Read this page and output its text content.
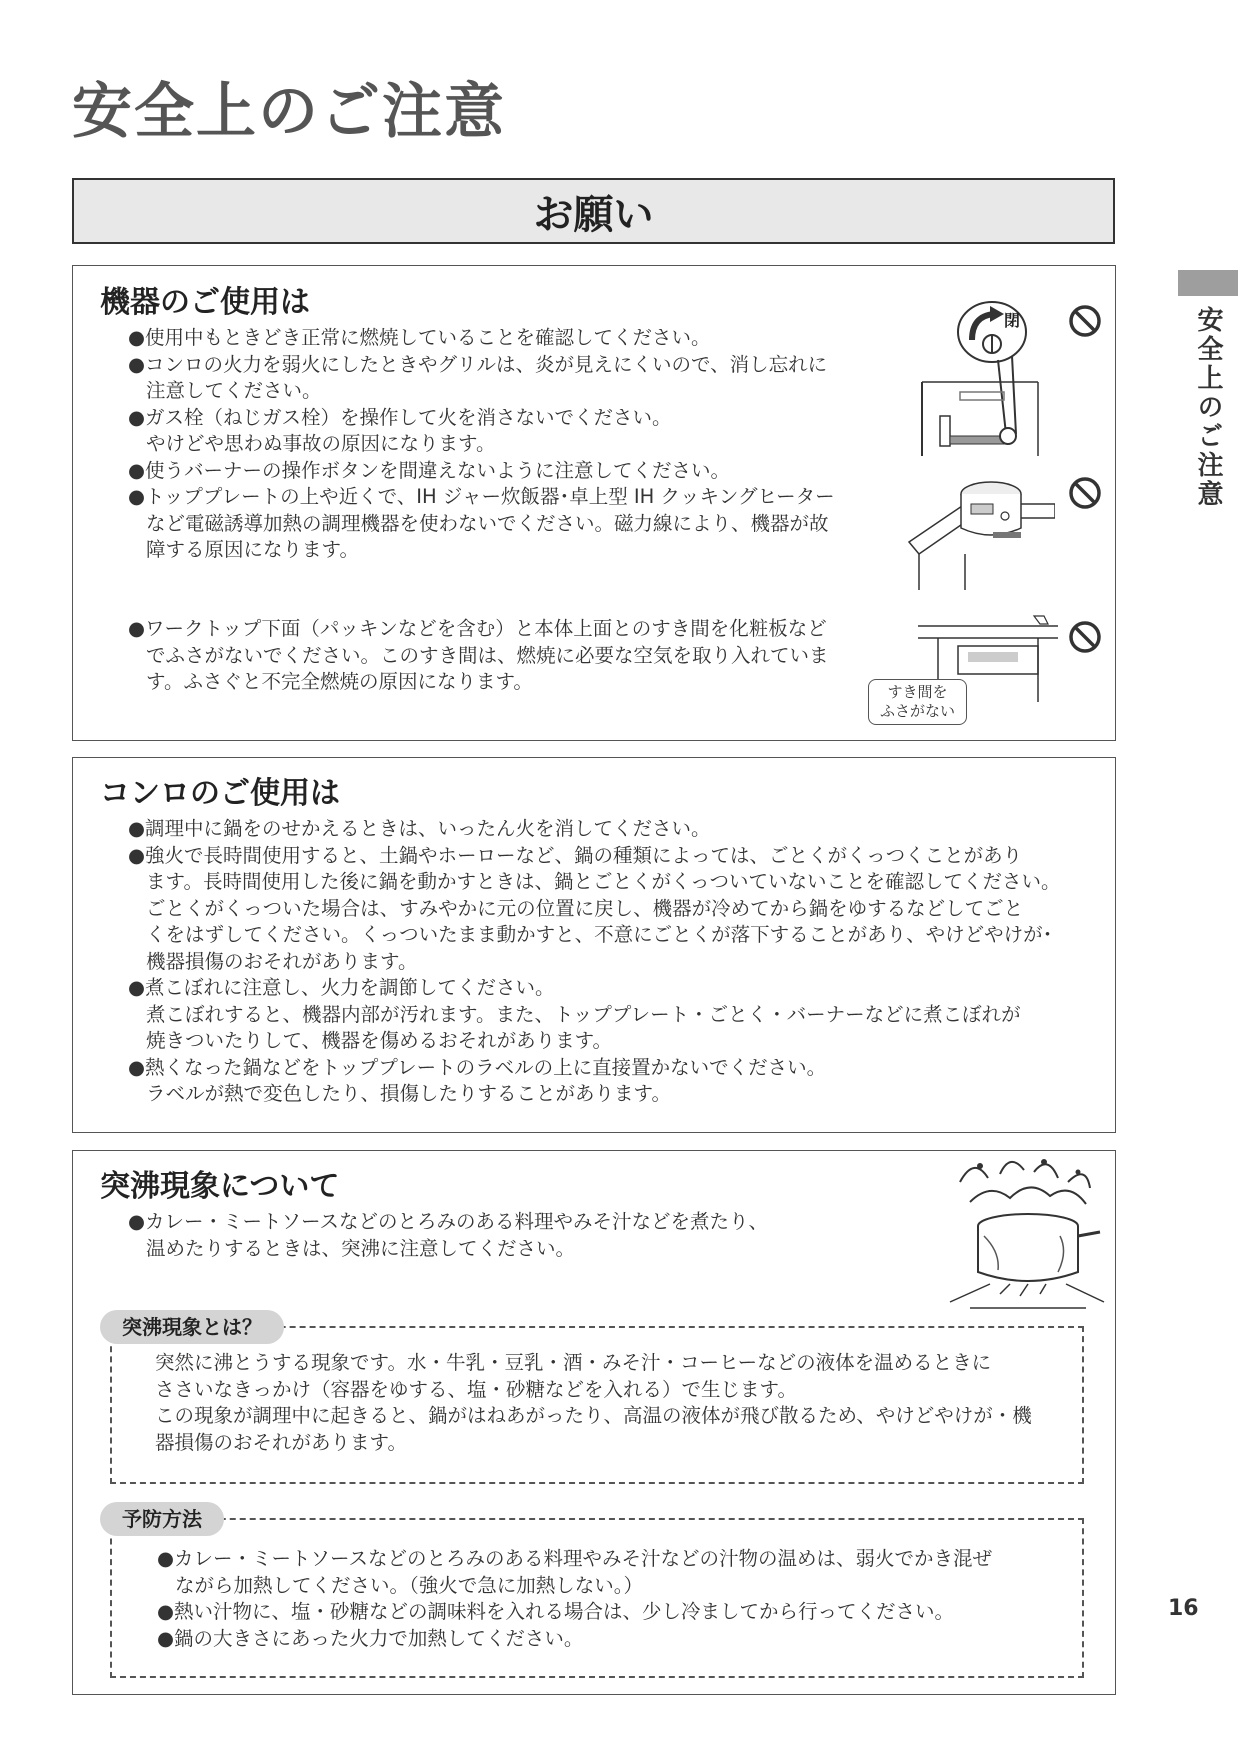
安全上のご注意
お願い
安全上のご注意
機器のご使用は
●使用中もときどき正常に燃焼していることを確認してください。
●コンロの火力を弱火にしたときやグリルは、炎が見えにくいので、消し忘れに
注意してください。
●ガス栓（ねじガス栓）を操作して火を消さないでください。
やけどや思わぬ事故の原因になります。
●使うバーナーの操作ボタンを間違えないように注意してください。
●トッププレートの上や近くで、IH ジャー炊飯器･卓上型 IH クッキングヒーター
など電磁誘導加熱の調理機器を使わないでください。磁力線により、機器が故
障する原因になります。
●ワークトップ下面（パッキンなどを含む）と本体上面とのすき間を化粧板など
でふさがないでください。このすき間は、燃焼に必要な空気を取り入れていま
す。ふさぐと不完全燃焼の原因になります。
閉
すき間を
ふさがない
コンロのご使用は
●調理中に鍋をのせかえるときは、いったん火を消してください。
●強火で長時間使用すると、土鍋やホーローなど、鍋の種類によっては、ごとくがくっつくことがあり
ます。長時間使用した後に鍋を動かすときは、鍋とごとくがくっついていないことを確認してください。
ごとくがくっついた場合は、すみやかに元の位置に戻し、機器が冷めてから鍋をゆするなどしてごと
くをはずしてください。くっついたまま動かすと、不意にごとくが落下することがあり、やけどやけが･
機器損傷のおそれがあります。
●煮こぼれに注意し、火力を調節してください。
煮こぼれすると、機器内部が汚れます。また、トッププレート・ごとく・バーナーなどに煮こぼれが
焼きついたりして、機器を傷めるおそれがあります。
●熱くなった鍋などをトッププレートのラベルの上に直接置かないでください。
ラベルが熱で変色したり、損傷したりすることがあります。
突沸現象について
●カレー・ミートソースなどのとろみのある料理やみそ汁などを煮たり、
温めたりするときは、突沸に注意してください。
突沸現象とは？
突然に沸とうする現象です。水・牛乳・豆乳・酒・みそ汁・コーヒーなどの液体を温めるときに
ささいなきっかけ（容器をゆする、塩・砂糖などを入れる）で生じます。
この現象が調理中に起きると、鍋がはねあがったり、高温の液体が飛び散るため、やけどやけが・機
器損傷のおそれがあります。
予防方法
●カレー・ミートソースなどのとろみのある料理やみそ汁などの汁物の温めは、弱火でかき混ぜ
ながら加熱してください。（強火で急に加熱しない。）
●熱い汁物に、塩・砂糖などの調味料を入れる場合は、少し冷ましてから行ってください。
●鍋の大きさにあった火力で加熱してください。
16
